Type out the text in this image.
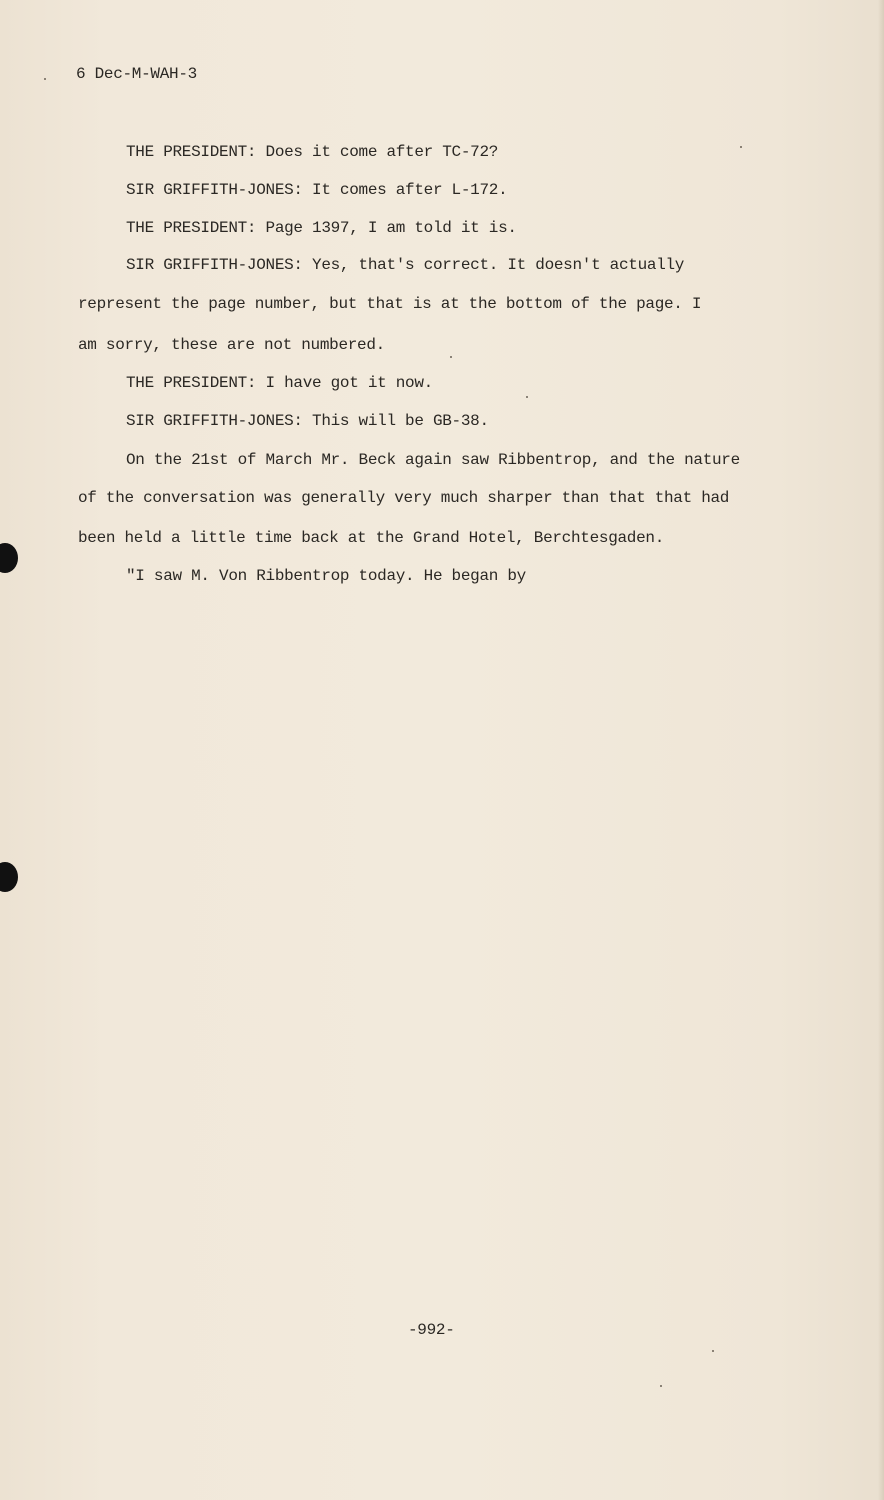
6 Dec-M-WAH-3
THE PRESIDENT: Does it come after TC-72?
SIR GRIFFITH-JONES: It comes after L-172.
THE PRESIDENT: Page 1397, I am told it is.
SIR GRIFFITH-JONES: Yes, that's correct. It doesn't actually
represent the page number, but that is at the bottom of the page. I
am sorry, these are not numbered.
THE PRESIDENT: I have got it now.
SIR GRIFFITH-JONES: This will be GB-38.
On the 21st of March Mr. Beck again saw Ribbentrop, and the nature
of the conversation was generally very much sharper than that that had
been held a little time back at the Grand Hotel, Berchtesgaden.
"I saw M. Von Ribbentrop today. He began by
-992-
